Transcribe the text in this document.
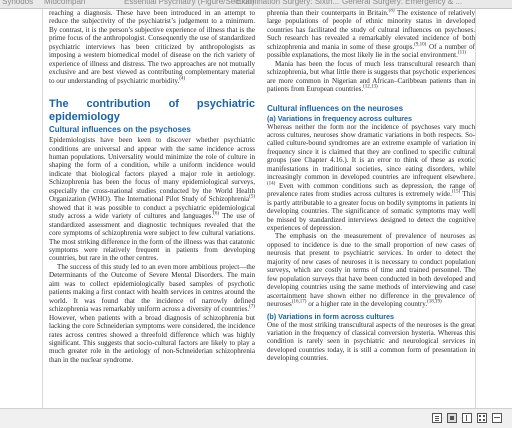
Synodos Midcompan	Essential Psychiatry (Figure/Section)
Examination Surgery: Sixth... General Surgery: Emergency & ...

reaching a diagnosis. These have been introduced in an attempt to reduce the subjectivity of the psychiatrist’s judgement to a minimum. By contrast, it is the person’s subjective experience of illness that is the prime focus of the anthropologist. Consequently the use of standardized psychiatric interviews has been criticized by anthropologists as imposing a western biomedical model of disease on the rich variety of experience of illness and distress. The two approaches are not mutually exclusive and are best viewed as contributing complementary material to our understanding of psychiatric morbidity.$^{(4)}$

The contribution of psychiatric epidemiology
Cultural influences on the psychoses

Epidemiologists have been keen to discover whether psychiatric conditions are universal and appear with the same incidence across human populations. Universality would minimize the role of culture in shaping the form of a condition, while a uniform incidence would indicate that biological factors played a major role in aetiology. Schizophrenia has been the focus of many epidemiological surveys, especially the cross-national studies conducted by the World Health Organization (WHO). The International Pilot Study of Schizophrenia$^{(5)}$ showed that it was possible to conduct a psychiatric epidemiological study across a wide variety of cultures and languages.$^{(6)}$ The use of standardized assessment and diagnostic techniques revealed that the core symptoms of schizophrenia were subject to few cultural variations. The most striking difference in the form of the illness was that catatonic symptoms were relatively frequent in patients from developing countries, but rare in the other centres.

The success of this study led to an even more ambitious project—the Determinants of the Outcome of Severe Mental Disorders. The main aim was to collect epidemiologically based samples of psychotic patients making a first contact with health services in centres around the world. It was found that the incidence of narrowly defined schizophrenia was remarkably uniform across a diversity of countries.$^{(7)}$ However, when patients with a broad diagnosis of schizophrenia but lacking the core Schneiderian symptoms were considered, the incidence rates across centres showed a threefold difference which was highly significant. This suggests that socio-cultural factors are likely to play a much greater role in the aetiology of non-Schneiderian schizophrenia than in the nuclear syndrome.

phrenia than their counterparts in Britain.$^{(8)}$ The existence of relatively large populations of people of ethnic minority status in developed countries has facilitated the study of cultural influences on psychoses. Such research has revealed a remarkably elevated incidence of both schizophrenia and mania in some of these groups.$^{(9,10)}$ Of a number of possible explanations, the most likely lie in the social environment.$^{(11)}$

Mania has been the focus of much less transcultural research than schizophrenia, but what little there is suggests that psychotic experiences are more common in Nigerian and African–Caribbean patients than in patients from European countries.$^{(12,13)}$

Cultural influences on the neuroses
(a) Variations in frequency across cultures

Whereas neither the form nor the incidence of psychoses vary much across cultures, neuroses show dramatic variations in both respects. So-called culture-bound syndromes are an extreme example of variation in frequency since it is claimed that they are confined to specific cultural groups (see Chapter 4.16.). It is an error to think of these as exotic manifestations in traditional societies, since eating disorders, while increasingly common in developed countries are infrequent elsewhere.$^{(14)}$ Even with common conditions such as depression, the range of prevalence rates from studies across cultures is extremely wide.$^{(15)}$ This is partly attributable to a greater focus on bodily symptoms in patients in developing countries. The significance of somatic symptoms may well be missed by standardized interviews designed to detect the cognitive experiences of depression.

The emphasis on the measurement of prevalence of neuroses as opposed to incidence is due to the small proportion of new cases of neurosis that present to psychiatric services. In order to detect the majority of new cases of neuroses it is necessary to conduct population surveys, which are costly in terms of time and trained personnel. The few population surveys that have been conducted in both developed and developing countries using the same methods of interviewing and case ascertainment have shown either no difference in the prevalence of neuroses$^{(16,17)}$ or a higher rate in the developing country.$^{(18,19)}$

(b) Variations in form across cultures

One of the most striking transcultural aspects of the neuroses is the great variation in the frequency of classical conversion hysteria. Whereas this condition is rarely seen in psychiatric and neurological services in developed countries today, it is still a common form of presentation in developing countries.
